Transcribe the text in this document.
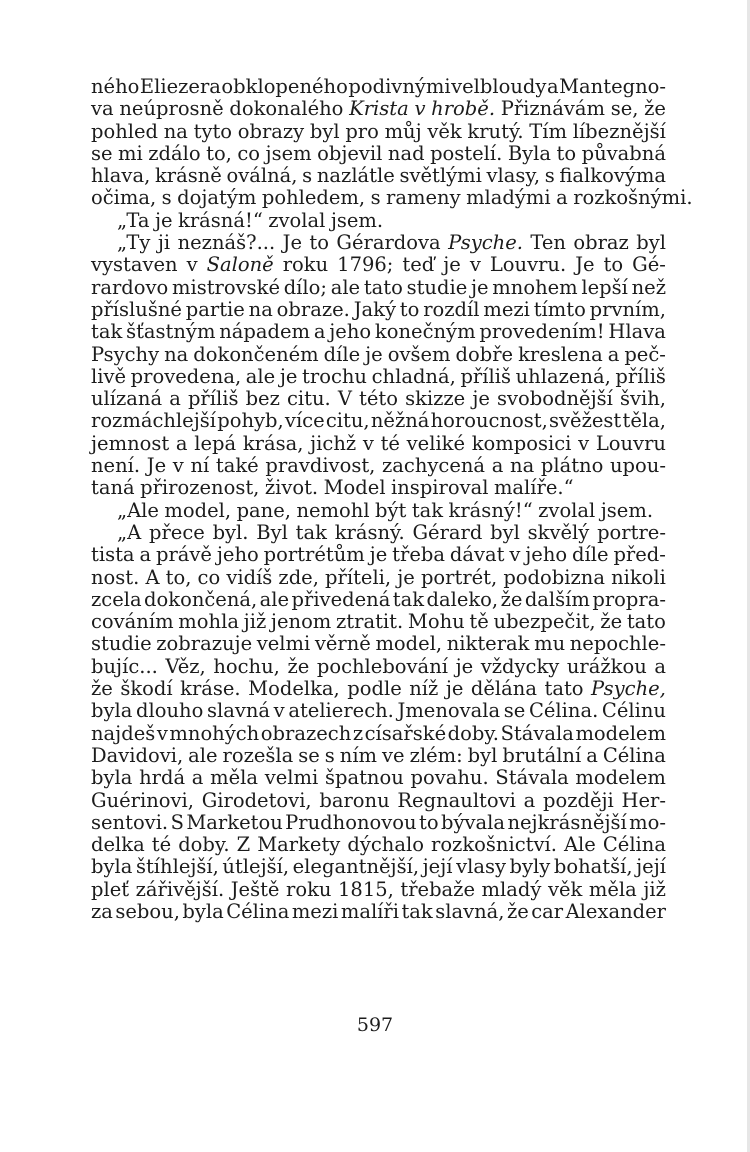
ného Eliezera obklopeného podivnými velbloudy a Mantegno-
va neúprosně dokonalého Krista v hrobě. Přiznávám se, že
pohled na tyto obrazy byl pro můj věk krutý. Tím líbeznější
se mi zdálo to, co jsem objevil nad postelí. Byla to půvabná
hlava, krásně oválná, s nazlátle světlými vlasy, s fialkovýma
očima, s dojatým pohledem, s rameny mladými a rozkošnými.
„Ta je krásná!“ zvolal jsem.
„Ty ji neznáš?... Je to Gérardova Psyche. Ten obraz byl
vystaven v Saloně roku 1796; teď je v Louvru. Je to Gé-
rardovo mistrovské dílo; ale tato studie je mnohem lepší než
příslušné partie na obraze. Jaký to rozdíl mezi tímto prvním,
tak šťastným nápadem a jeho konečným provedením! Hlava
Psychy na dokončeném díle je ovšem dobře kreslena a peč-
livě provedena, ale je trochu chladná, příliš uhlazená, příliš
ulízaná a příliš bez citu. V této skizze je svobodnější švih,
rozmáchlejší pohyb, více citu, něžná horoucnost, svěžest těla,
jemnost a lepá krása, jichž v té veliké komposici v Louvru
není. Je v ní také pravdivost, zachycená a na plátno upou-
taná přirozenost, život. Model inspiroval malíře.“
„Ale model, pane, nemohl být tak krásný!“ zvolal jsem.
„A přece byl. Byl tak krásný. Gérard byl skvělý portre-
tista a právě jeho portrétům je třeba dávat v jeho díle před-
nost. A to, co vidíš zde, příteli, je portrét, podobizna nikoli
zcela dokončená, ale přivedená tak daleko, že dalším propra-
cováním mohla již jenom ztratit. Mohu tě ubezpečit, že tato
studie zobrazuje velmi věrně model, nikterak mu nepochle-
bujíc... Věz, hochu, že pochlebování je vždycky urážkou a
že škodí kráse. Modelka, podle níž je dělána tato Psyche,
byla dlouho slavná v atelierech. Jmenovala se Célina. Célinu
najdeš v mnohých obrazech z císařské doby. Stávala modelem
Davidovi, ale rozešla se s ním ve zlém: byl brutální a Célina
byla hrdá a měla velmi špatnou povahu. Stávala modelem
Guérinovi, Girodetovi, baronu Regnaultovi a později Her-
sentovi. S Marketou Prudhonovou to bývala nejkrásnější mo-
delka té doby. Z Markety dýchalo rozkošnictví. Ale Célina
byla štíhlejší, útlejší, elegantnější, její vlasy byly bohatší, její
pleť zářivější. Ještě roku 1815, třebaže mladý věk měla již
za sebou, byla Célina mezi malíři tak slavná, že car Alexander
597
